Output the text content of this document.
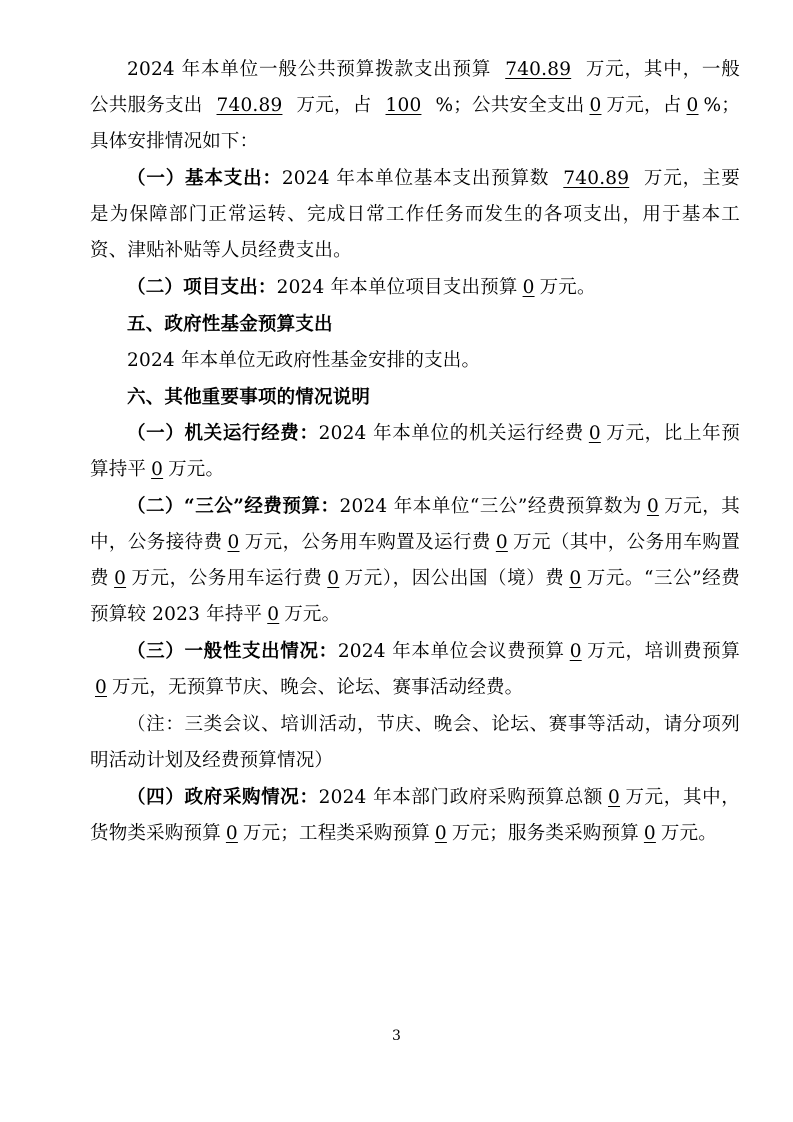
2024 年本单位一般公共预算拨款支出预算 740.89 万元，其中，一般公共服务支出 740.89 万元，占 100 %；公共安全支出 0 万元，占 0 %；具体安排情况如下：

（一）基本支出：2024 年本单位基本支出预算数 740.89 万元，主要是为保障部门正常运转、完成日常工作任务而发生的各项支出，用于基本工资、津贴补贴等人员经费支出。

（二）项目支出：2024 年本单位项目支出预算 0 万元。

五、政府性基金预算支出

2024 年本单位无政府性基金安排的支出。

六、其他重要事项的情况说明

（一）机关运行经费：2024 年本单位的机关运行经费 0 万元，比上年预算持平 0 万元。

（二）“三公”经费预算：2024 年本单位“三公”经费预算数为 0 万元，其中，公务接待费 0 万元，公务用车购置及运行费 0 万元（其中，公务用车购置费 0 万元，公务用车运行费 0 万元），因公出国（境）费 0 万元。“三公”经费预算较 2023 年持平 0 万元。

（三）一般性支出情况：2024 年本单位会议费预算 0 万元，培训费预算0 万元，无预算节庆、晚会、论坛、赛事活动经费。

（注：三类会议、培训活动，节庆、晚会、论坛、赛事等活动，请分项列明活动计划及经费预算情况）

（四）政府采购情况：2024 年本部门政府采购预算总额 0 万元，其中，货物类采购预算 0 万元；工程类采购预算 0 万元；服务类采购预算 0 万元。

3
